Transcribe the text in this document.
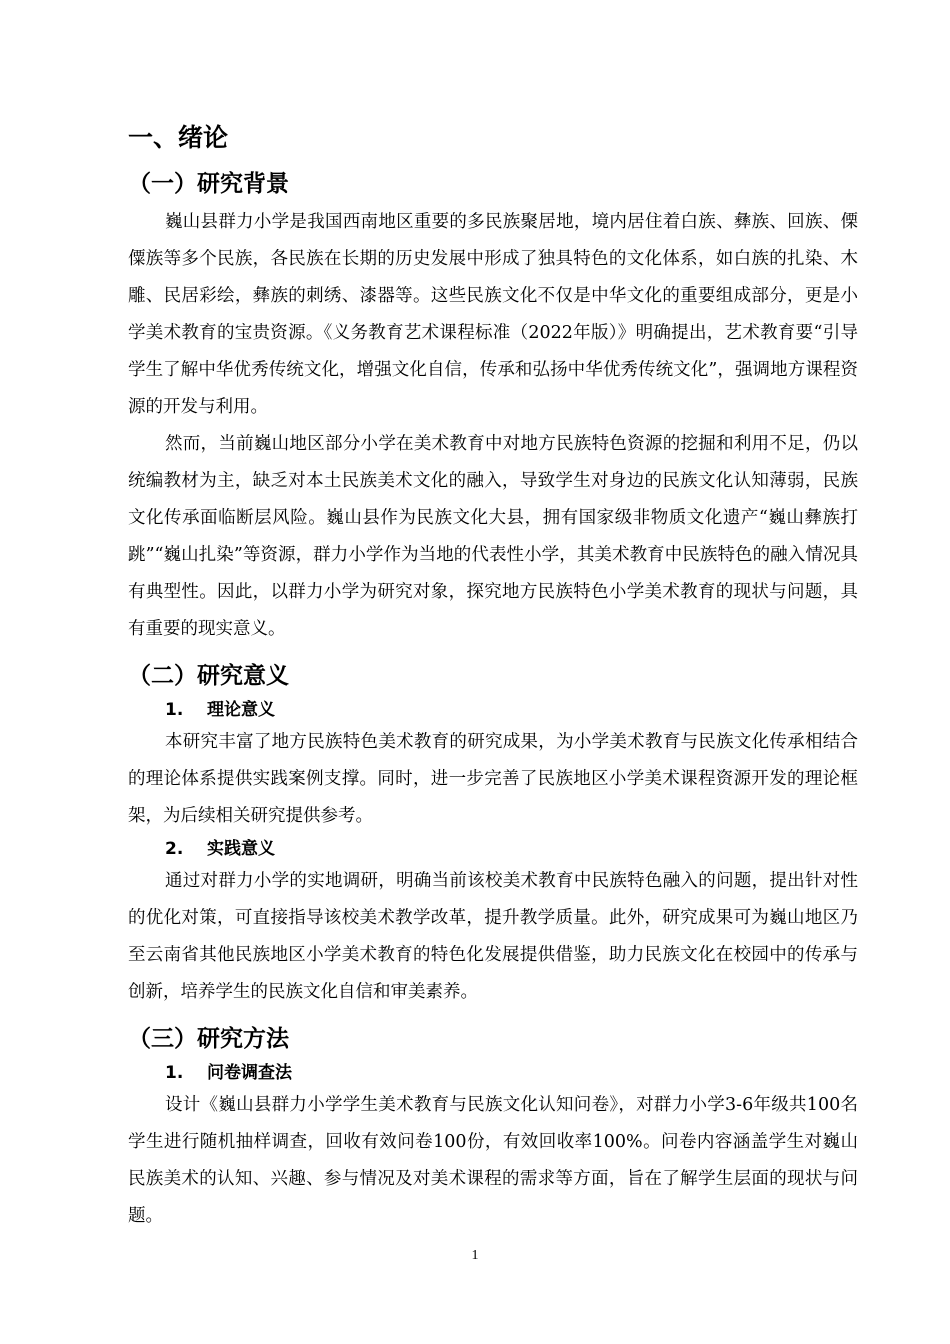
一、绪论
（一）研究背景

巍山县群力小学是我国西南地区重要的多民族聚居地，境内居住着白族、彝族、回族、傈僳族等多个民族，各民族在长期的历史发展中形成了独具特色的文化体系，如白族的扎染、木雕、民居彩绘，彝族的刺绣、漆器等。这些民族文化不仅是中华文化的重要组成部分，更是小学美术教育的宝贵资源。《义务教育艺术课程标准（2022年版）》明确提出，艺术教育要“引导学生了解中华优秀传统文化，增强文化自信，传承和弘扬中华优秀传统文化”，强调地方课程资源的开发与利用。

然而，当前巍山地区部分小学在美术教育中对地方民族特色资源的挖掘和利用不足，仍以统编教材为主，缺乏对本土民族美术文化的融入，导致学生对身边的民族文化认知薄弱，民族文化传承面临断层风险。巍山县作为民族文化大县，拥有国家级非物质文化遗产“巍山彝族打跳”“巍山扎染”等资源，群力小学作为当地的代表性小学，其美术教育中民族特色的融入情况具有典型性。因此，以群力小学为研究对象，探究地方民族特色小学美术教育的现状与问题，具有重要的现实意义。

（二）研究意义
1.    理论意义

本研究丰富了地方民族特色美术教育的研究成果，为小学美术教育与民族文化传承相结合的理论体系提供实践案例支撑。同时，进一步完善了民族地区小学美术课程资源开发的理论框架，为后续相关研究提供参考。

2.    实践意义

通过对群力小学的实地调研，明确当前该校美术教育中民族特色融入的问题，提出针对性的优化对策，可直接指导该校美术教学改革，提升教学质量。此外，研究成果可为巍山地区乃至云南省其他民族地区小学美术教育的特色化发展提供借鉴，助力民族文化在校园中的传承与创新，培养学生的民族文化自信和审美素养。

（三）研究方法
1.    问卷调查法

设计《巍山县群力小学学生美术教育与民族文化认知问卷》，对群力小学3-6年级共100名学生进行随机抽样调查，回收有效问卷100份，有效回收率100%。问卷内容涵盖学生对巍山民族美术的认知、兴趣、参与情况及对美术课程的需求等方面，旨在了解学生层面的现状与问题。

1
